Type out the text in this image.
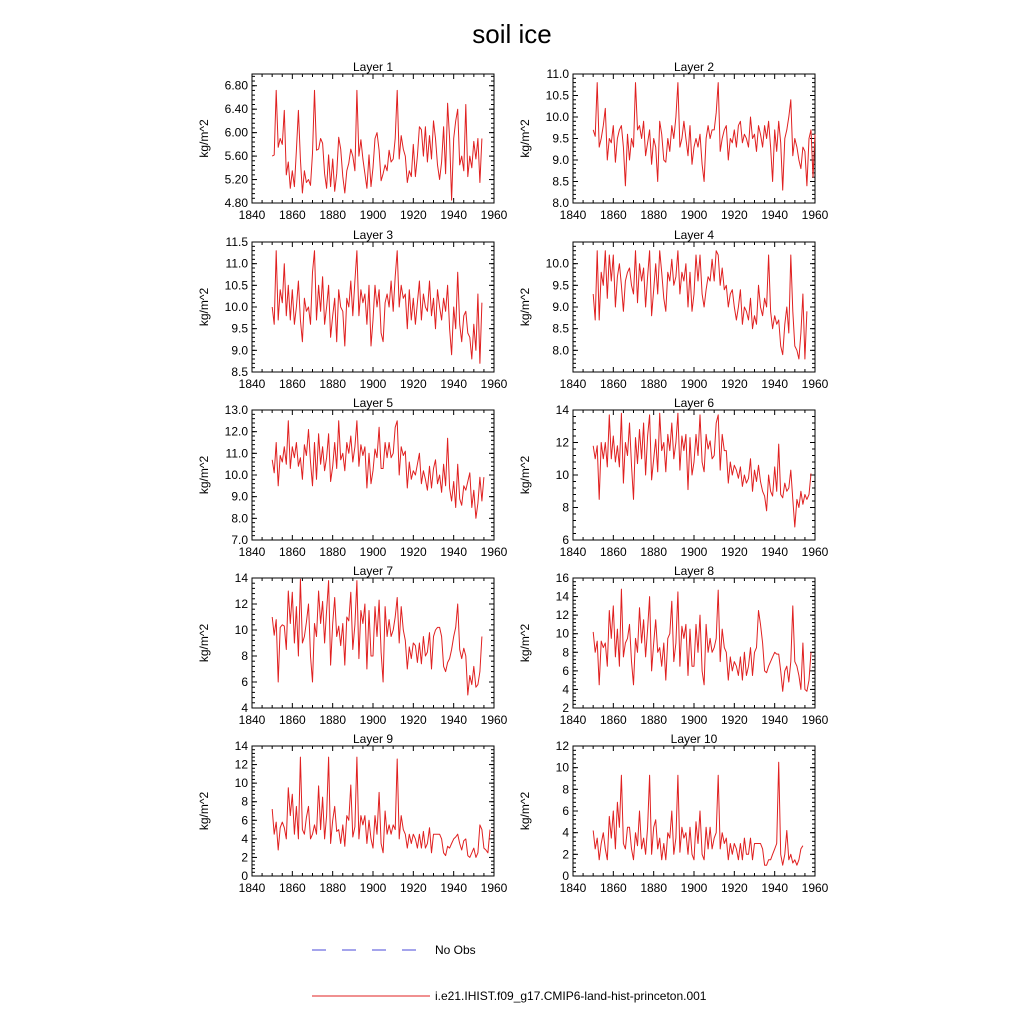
soil ice
Layer 1
1840 1860 1880 1900 1920 1940 1960
4.80
5.20
5.60
6.00
6.40
6.80
kg/m^2
Layer 2
1840 1860 1880 1900 1920 1940 1960
8.0
8.5
9.0
9.5
10.0
10.5
11.0
kg/m^2
Layer 3
1840 1860 1880 1900 1920 1940 1960
8.5
9.0
9.5
10.0
10.5
11.0
11.5
kg/m^2
Layer 4
1840 1860 1880 1900 1920 1940 1960
8.0
8.5
9.0
9.5
10.0
kg/m^2
Layer 5
1840 1860 1880 1900 1920 1940 1960
7.0
8.0
9.0
10.0
11.0
12.0
13.0
kg/m^2
Layer 6
1840 1860 1880 1900 1920 1940 1960
6
8
10
12
14
kg/m^2
Layer 7
1840 1860 1880 1900 1920 1940 1960
4
6
8
10
12
14
kg/m^2
Layer 8
1840 1860 1880 1900 1920 1940 1960
2
4
6
8
10
12
14
16
kg/m^2
Layer 9
1840 1860 1880 1900 1920 1940 1960
0
2
4
6
8
10
12
14
kg/m^2
Layer 10
1840 1860 1880 1900 1920 1940 1960
0
2
4
6
8
10
12
kg/m^2
No Obs
i.e21.IHIST.f09_g17.CMIP6-land-hist-princeton.001
